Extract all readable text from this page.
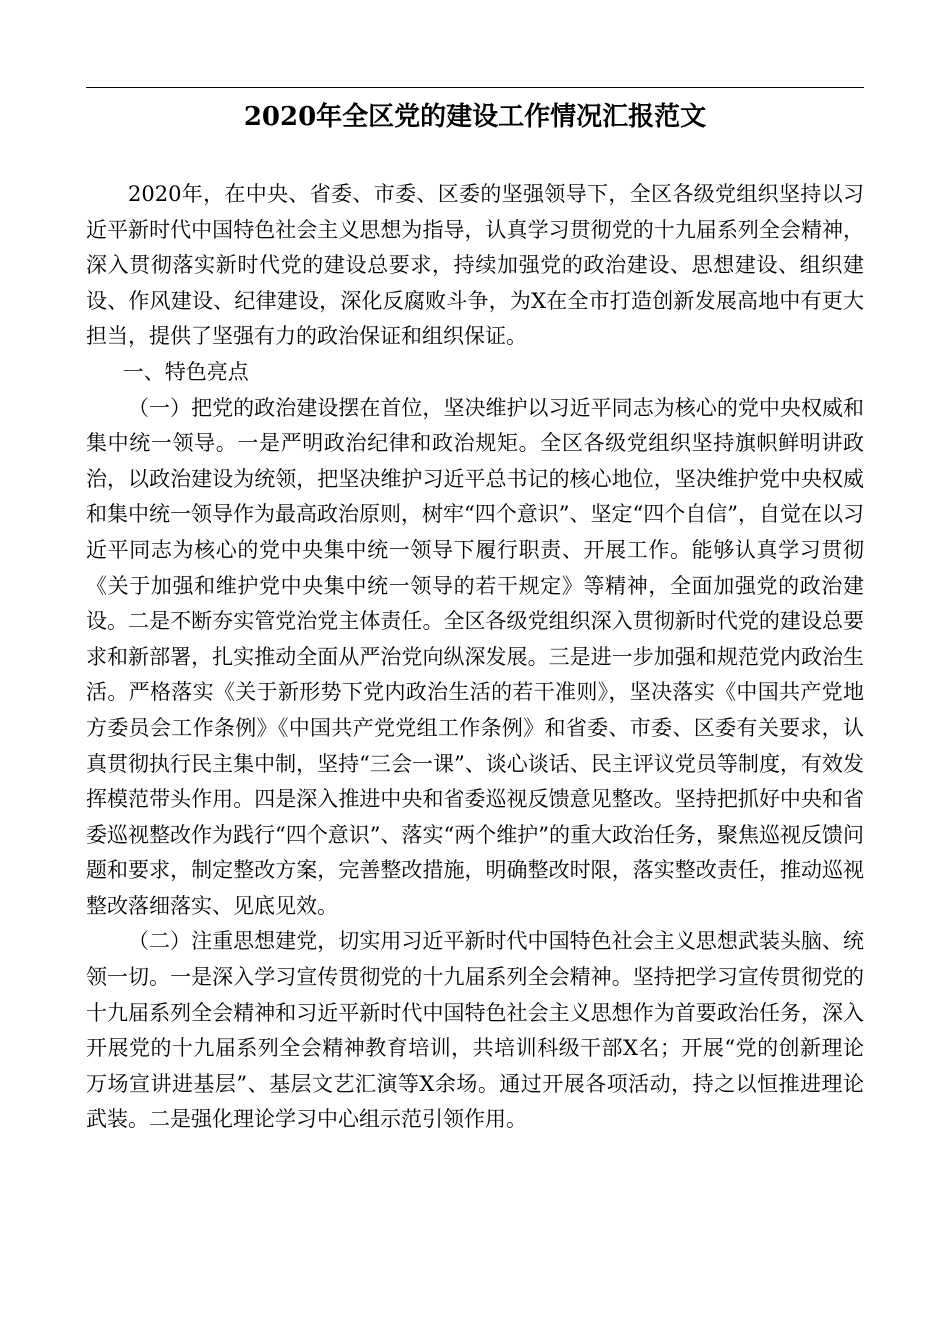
2020年全区党的建设工作情况汇报范文

2020年，在中央、省委、市委、区委的坚强领导下，全区各级党组织坚持以习近平新时代中国特色社会主义思想为指导，认真学习贯彻党的十九届系列全会精神，深入贯彻落实新时代党的建设总要求，持续加强党的政治建设、思想建设、组织建设、作风建设、纪律建设，深化反腐败斗争，为X在全市打造创新发展高地中有更大担当，提供了坚强有力的政治保证和组织保证。

一、特色亮点

（一）把党的政治建设摆在首位，坚决维护以习近平同志为核心的党中央权威和集中统一领导。一是严明政治纪律和政治规矩。全区各级党组织坚持旗帜鲜明讲政治，以政治建设为统领，把坚决维护习近平总书记的核心地位，坚决维护党中央权威和集中统一领导作为最高政治原则，树牢“四个意识”、坚定“四个自信”，自觉在以习近平同志为核心的党中央集中统一领导下履行职责、开展工作。能够认真学习贯彻《关于加强和维护党中央集中统一领导的若干规定》等精神，全面加强党的政治建设。二是不断夯实管党治党主体责任。全区各级党组织深入贯彻新时代党的建设总要求和新部署，扎实推动全面从严治党向纵深发展。三是进一步加强和规范党内政治生活。严格落实《关于新形势下党内政治生活的若干准则》，坚决落实《中国共产党地方委员会工作条例》《中国共产党党组工作条例》和省委、市委、区委有关要求，认真贯彻执行民主集中制，坚持“三会一课”、谈心谈话、民主评议党员等制度，有效发挥模范带头作用。四是深入推进中央和省委巡视反馈意见整改。坚持把抓好中央和省委巡视整改作为践行“四个意识”、落实“两个维护”的重大政治任务，聚焦巡视反馈问题和要求，制定整改方案，完善整改措施，明确整改时限，落实整改责任，推动巡视整改落细落实、见底见效。

（二）注重思想建党，切实用习近平新时代中国特色社会主义思想武装头脑、统领一切。一是深入学习宣传贯彻党的十九届系列全会精神。坚持把学习宣传贯彻党的十九届系列全会精神和习近平新时代中国特色社会主义思想作为首要政治任务，深入开展党的十九届系列全会精神教育培训，共培训科级干部X名；开展“党的创新理论万场宣讲进基层”、基层文艺汇演等X余场。通过开展各项活动，持之以恒推进理论武装。二是强化理论学习中心组示范引领作用。
